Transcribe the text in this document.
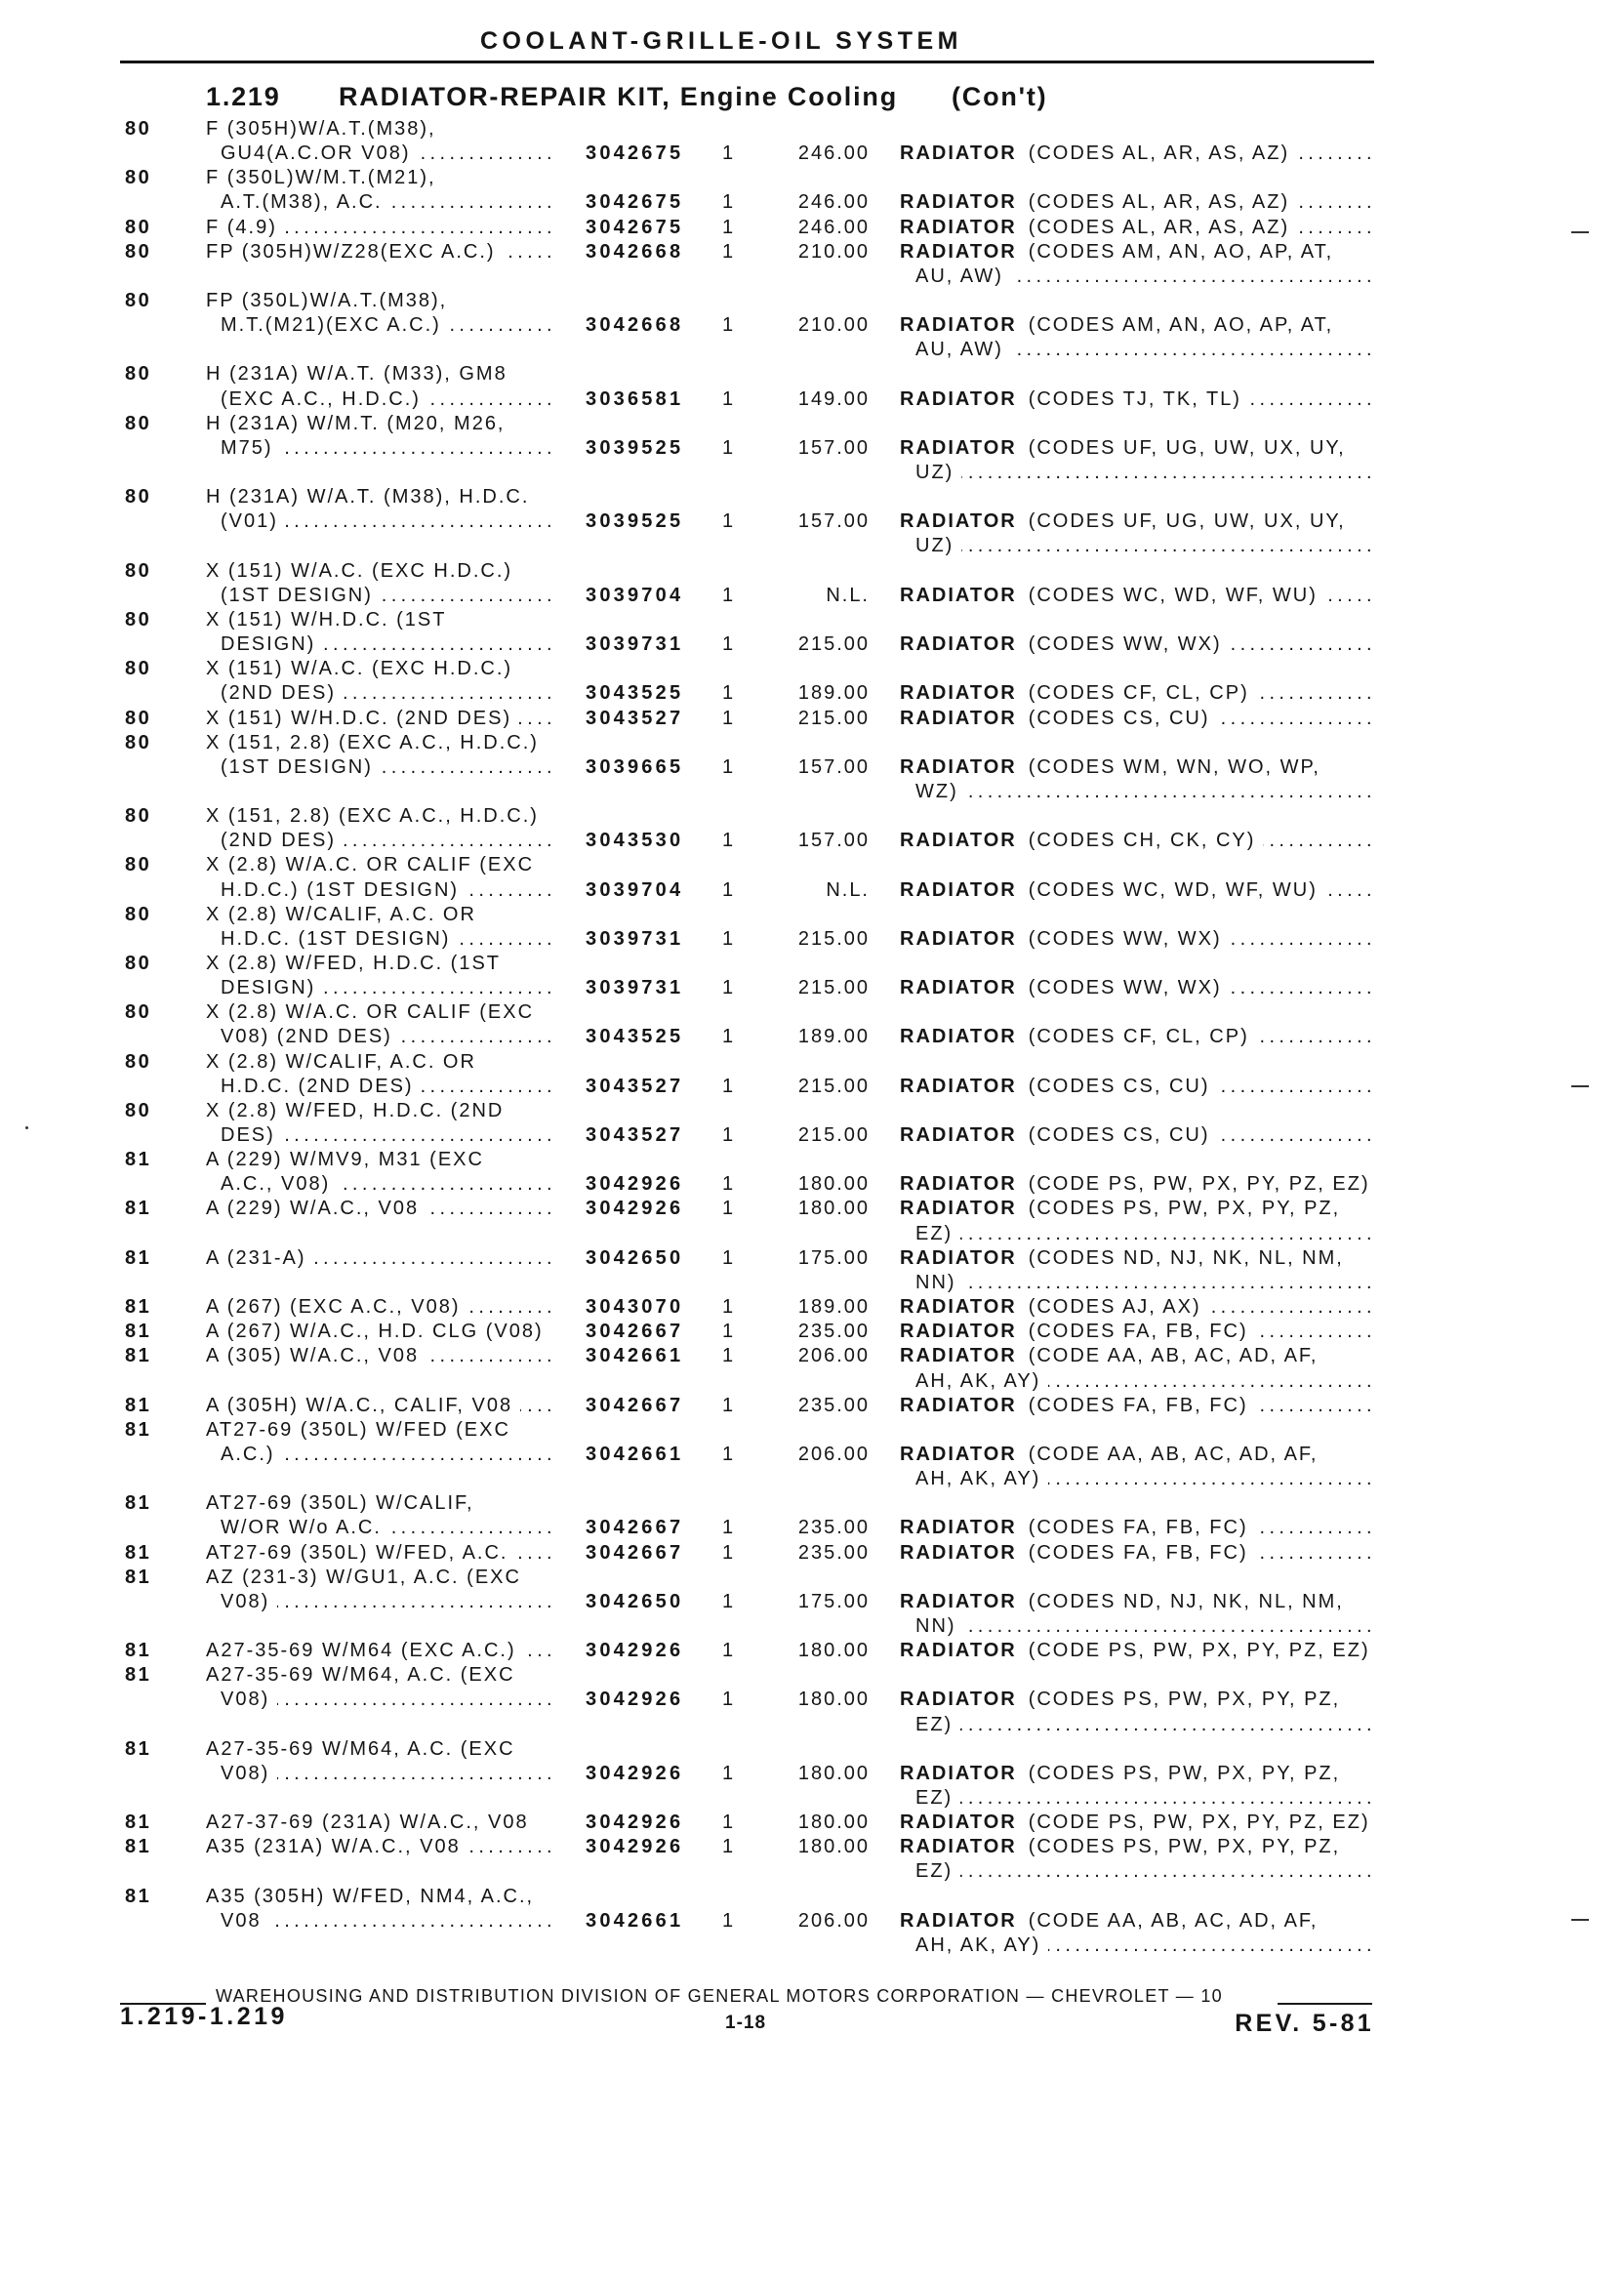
COOLANT-GRILLE-OIL SYSTEM
1.219 RADIATOR-REPAIR KIT, Engine Cooling (Con't)
80	F (305H)W/A.T.(M38),
GU4(A.C.OR V08) .....	3042675 1	246.00 RADIATOR (CODES AL, AR, AS, AZ)
.....
80	F (350L)W/M.T.(M21),
A.T.(M38), A.C. .....	3042675 1	246.00 RADIATOR (CODES AL, AR, AS, AZ)
.....
80	F (4.9) .....	3042675 1	246.00 RADIATOR (CODES AL, AR, AS, AZ)
.....
80	FP (305H)W/Z28(EXC A.C.) .....	3042668 1	210.00 RADIATOR (CODES AM, AN, AO, AP, AT,
AU, AW)
.....
80	FP (350L)W/A.T.(M38),
M.T.(M21)(EXC A.C.) .....	3042668 1	210.00 RADIATOR (CODES AM, AN, AO, AP, AT,
AU, AW)
.....
80	H (231A) W/A.T. (M33), GM8
(EXC A.C., H.D.C.) .....	3036581 1	149.00 RADIATOR (CODES TJ, TK, TL)
.....
80	H (231A) W/M.T. (M20, M26,
M75) .....	3039525 1	157.00 RADIATOR (CODES UF, UG, UW, UX, UY,
UZ)
.....
80	H (231A) W/A.T. (M38), H.D.C.
(V01) .....	3039525 1	157.00 RADIATOR (CODES UF, UG, UW, UX, UY,
UZ)
.....
80	X (151) W/A.C. (EXC H.D.C.)
(1ST DESIGN) .....	3039704 1	N.L. RADIATOR (CODES WC, WD, WF, WU)
.....
80	X (151) W/H.D.C. (1ST
DESIGN) .....	3039731 1	215.00 RADIATOR (CODES WW, WX)
.....
80	X (151) W/A.C. (EXC H.D.C.)
(2ND DES) .....	3043525 1	189.00 RADIATOR (CODES CF, CL, CP)
.....
80	X (151) W/H.D.C. (2ND DES) .....	3043527 1	215.00 RADIATOR (CODES CS, CU)
.....
80	X (151, 2.8) (EXC A.C., H.D.C.)
(1ST DESIGN) .....	3039665 1	157.00 RADIATOR (CODES WM, WN, WO, WP,
WZ)
.....
80	X (151, 2.8) (EXC A.C., H.D.C.)
(2ND DES) .....	3043530 1	157.00 RADIATOR (CODES CH, CK, CY)
.....
80	X (2.8) W/A.C. OR CALIF (EXC
H.D.C.) (1ST DESIGN) .....	3039704 1	N.L. RADIATOR (CODES WC, WD, WF, WU)
.....
80	X (2.8) W/CALIF, A.C. OR
H.D.C. (1ST DESIGN) .....	3039731 1	215.00 RADIATOR (CODES WW, WX)
.....
80	X (2.8) W/FED, H.D.C. (1ST
DESIGN) .....	3039731 1	215.00 RADIATOR (CODES WW, WX)
.....
80	X (2.8) W/A.C. OR CALIF (EXC
V08) (2ND DES) .....	3043525 1	189.00 RADIATOR (CODES CF, CL, CP)
.....
80	X (2.8) W/CALIF, A.C. OR
H.D.C. (2ND DES) .....	3043527 1	215.00 RADIATOR (CODES CS, CU)
.....
80	X (2.8) W/FED, H.D.C. (2ND
DES) .....	3043527 1	215.00 RADIATOR (CODES CS, CU)
.....
81	A (229) W/MV9, M31 (EXC
A.C., V08) .....	3042926 1	180.00 RADIATOR (CODE PS, PW, PX, PY, PZ, EZ)
81	A (229) W/A.C., V08 .....	3042926 1	180.00 RADIATOR (CODES PS, PW, PX, PY, PZ,
EZ)
.....
81	A (231-A) .....	3042650 1	175.00 RADIATOR (CODES ND, NJ, NK, NL, NM,
NN)
.....
81	A (267) (EXC A.C., V08) .....	3043070 1	189.00 RADIATOR (CODES AJ, AX)
.....
81	A (267) W/A.C., H.D. CLG (V08) 3042667 1	235.00 RADIATOR (CODES FA, FB, FC)
.....
81	A (305) W/A.C., V08 .....	3042661 1	206.00 RADIATOR (CODE AA, AB, AC, AD, AF,
AH, AK, AY)
.....
81	A (305H) W/A.C., CALIF, V08 .....	3042667 1	235.00 RADIATOR (CODES FA, FB, FC)
.....
81	AT27-69 (350L) W/FED (EXC
A.C.) .....	3042661 1	206.00 RADIATOR (CODE AA, AB, AC, AD, AF,
AH, AK, AY)
.....
81	AT27-69 (350L) W/CALIF,
W/OR W/o A.C. .....	3042667 1	235.00 RADIATOR (CODES FA, FB, FC)
.....
81	AT27-69 (350L) W/FED, A.C. .....	3042667 1	235.00 RADIATOR (CODES FA, FB, FC)
.....
81	AZ (231-3) W/GU1, A.C. (EXC
V08) .....	3042650 1	175.00 RADIATOR (CODES ND, NJ, NK, NL, NM,
NN)
.....
81	A27-35-69 W/M64 (EXC A.C.) .....	3042926 1	180.00 RADIATOR (CODE PS, PW, PX, PY, PZ, EZ)
81	A27-35-69 W/M64, A.C. (EXC
V08) .....	3042926 1	180.00 RADIATOR (CODES PS, PW, PX, PY, PZ,
EZ)
.....
81	A27-35-69 W/M64, A.C. (EXC
V08) .....	3042926 1	180.00 RADIATOR (CODES PS, PW, PX, PY, PZ,
EZ)
.....
81	A27-37-69 (231A) W/A.C., V08	3042926 1	180.00 RADIATOR (CODE PS, PW, PX, PY, PZ, EZ)
81	A35 (231A) W/A.C., V08 .....	3042926 1	180.00 RADIATOR (CODES PS, PW, PX, PY, PZ,
EZ)
.....
81	A35 (305H) W/FED, NM4, A.C.,
V08 .....	3042661 1	206.00 RADIATOR (CODE AA, AB, AC, AD, AF,
AH, AK, AY)
.....
WAREHOUSING AND DISTRIBUTION DIVISION OF GENERAL MOTORS CORPORATION — CHEVROLET — 10
1.219-1.219	1-18	REV. 5-81
